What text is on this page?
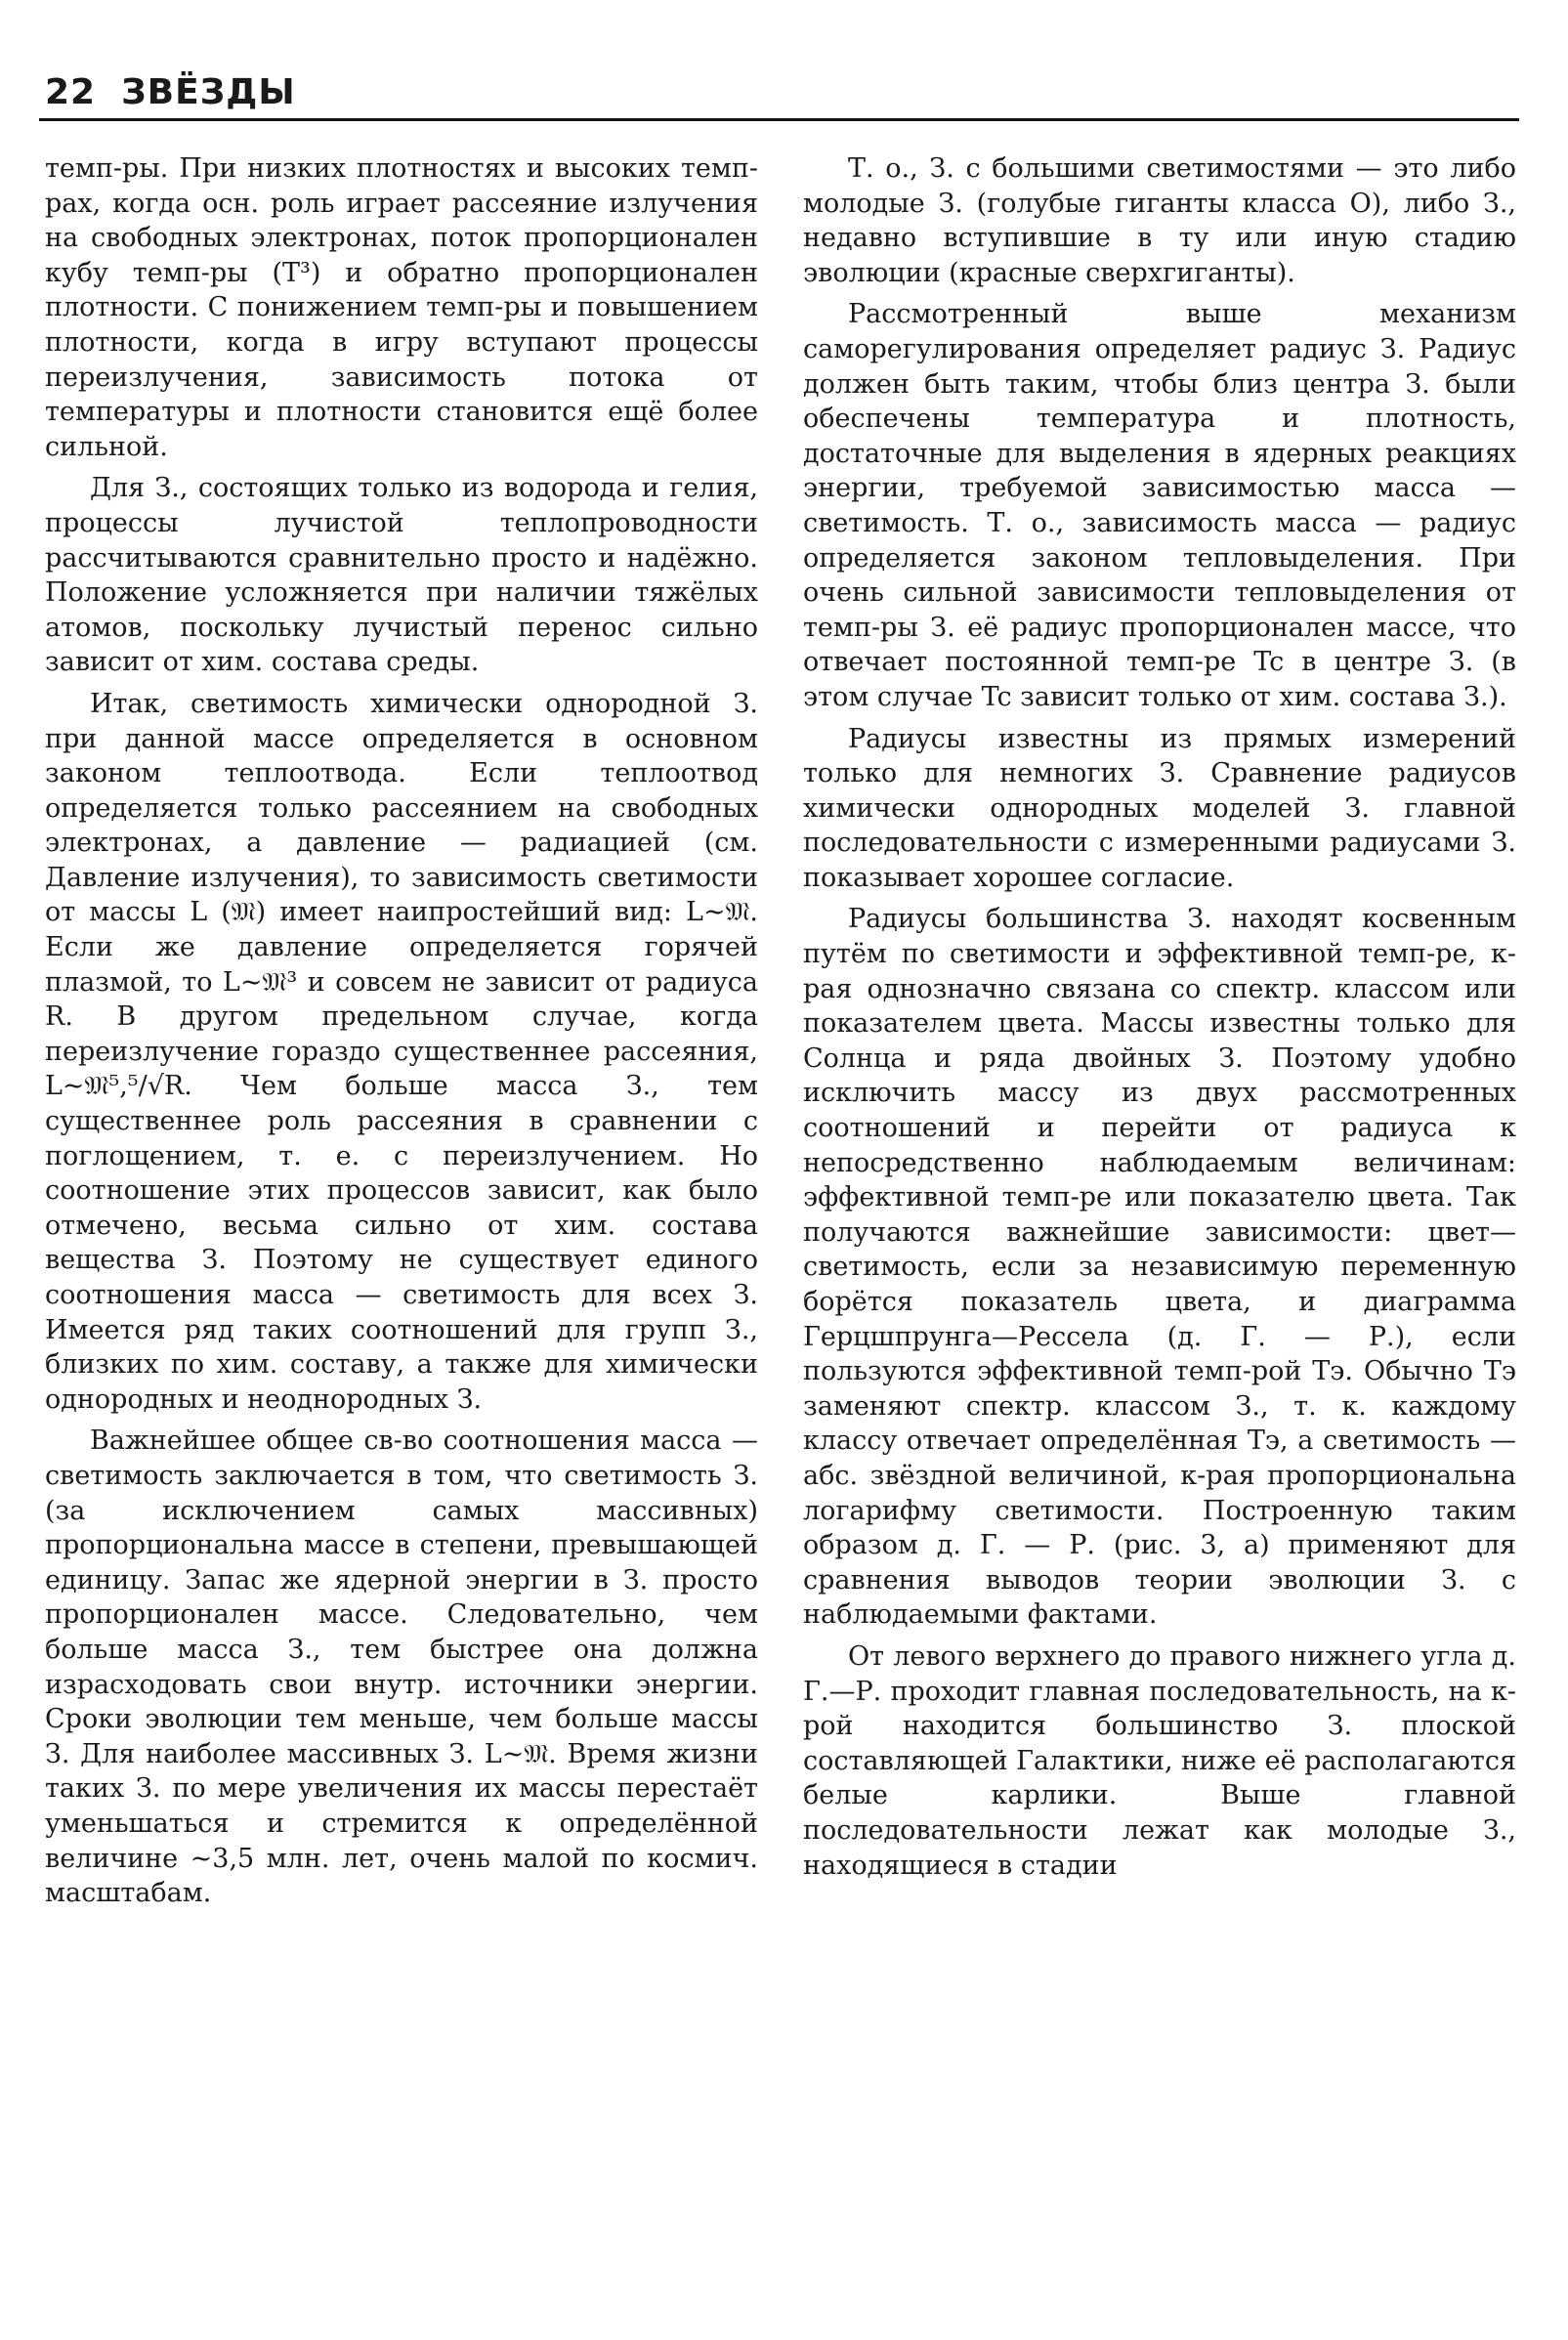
22 ЗВЁЗДЫ

темп-ры. При низких плотностях и высоких темп-рах, когда осн. роль играет рассеяние излучения на свободных электронах, поток пропорционален кубу темп-ры (T³) и обратно пропорционален плотности. С понижением темп-ры и повышением плотности, когда в игру вступают процессы переизлучения, зависимость потока от температуры и плотности становится ещё более сильной.

Для З., состоящих только из водорода и гелия, процессы лучистой теплопроводности рассчитываются сравнительно просто и надёжно. Положение усложняется при наличии тяжёлых атомов, поскольку лучистый перенос сильно зависит от хим. состава среды.

Итак, светимость химически однородной З. при данной массе определяется в основном законом теплоотвода. Если теплоотвод определяется только рассеянием на свободных электронах, а давление — радиацией (см. Давление излучения), то зависимость светимости от массы L (𝔐) имеет наипростейший вид: L∼𝔐. Если же давление определяется горячей плазмой, то L∼𝔐³ и совсем не зависит от радиуса R. В другом предельном случае, когда переизлучение гораздо существеннее рассеяния, L∼𝔐⁵,⁵/√R. Чем больше масса З., тем существеннее роль рассеяния в сравнении с поглощением, т. е. с переизлучением. Но соотношение этих процессов зависит, как было отмечено, весьма сильно от хим. состава вещества З. Поэтому не существует единого соотношения масса — светимость для всех З. Имеется ряд таких соотношений для групп З., близких по хим. составу, а также для химически однородных и неоднородных З.

Важнейшее общее св-во соотношения масса — светимость заключается в том, что светимость З.(за исключением самых массивных) пропорциональна массе в степени, превышающей единицу. Запас же ядерной энергии в З. просто пропорционален массе. Следовательно, чем больше масса З., тем быстрее она должна израсходовать свои внутр. источники энергии. Сроки эволюции тем меньше, чем больше массы З. Для наиболее массивных З. L∼𝔐. Время жизни таких З. по мере увеличения их массы перестаёт уменьшаться и стремится к определённой величине ∼3,5 млн. лет, очень малой по космич. масштабам.

Т. о., З. с большими светимостями — это либо молодые З. (голубые гиганты класса О), либо З., недавно вступившие в ту или иную стадию эволюции (красные сверхгиганты).

Рассмотренный выше механизм саморегулирования определяет радиус З. Радиус должен быть таким, чтобы близ центра З. были обеспечены температура и плотность, достаточные для выделения в ядерных реакциях энергии, требуемой зависимостью масса — светимость. Т. о., зависимость масса — радиус определяется законом тепловыделения. При очень сильной зависимости тепловыделения от темп-ры З. её радиус пропорционален массе, что отвечает постоянной темп-ре Tc в центре З. (в этом случае Tc зависит только от хим. состава З.).

Радиусы известны из прямых измерений только для немногих З. Сравнение радиусов химически однородных моделей З. главной последовательности с измеренными радиусами З. показывает хорошее согласие.

Радиусы большинства З. находят косвенным путём по светимости и эффективной темп-ре, к-рая однозначно связана со спектр. классом или показателем цвета. Массы известны только для Солнца и ряда двойных З. Поэтому удобно исключить массу из двух рассмотренных соотношений и перейти от радиуса к непосредственно наблюдаемым величинам: эффективной темп-ре или показателю цвета. Так получаются важнейшие зависимости: цвет—светимость, если за независимую переменную борётся показатель цвета, и диаграмма Герцшпрунга—Рессела (д. Г. — Р.), если пользуются эффективной темп-рой Tэ. Обычно Tэ заменяют спектр. классом З., т. к. каждому классу отвечает определённая Tэ, а светимость — абс. звёздной величиной, к-рая пропорциональна логарифму светимости. Построенную таким образом д. Г. — Р. (рис. 3, а) применяют для сравнения выводов теории эволюции З. с наблюдаемыми фактами.

От левого верхнего до правого нижнего угла д. Г.—Р. проходит главная последовательность, на к-рой находится большинство З. плоской составляющей Галактики, ниже её располагаются белые карлики. Выше главной последовательности лежат как молодые З., находящиеся в стадии
